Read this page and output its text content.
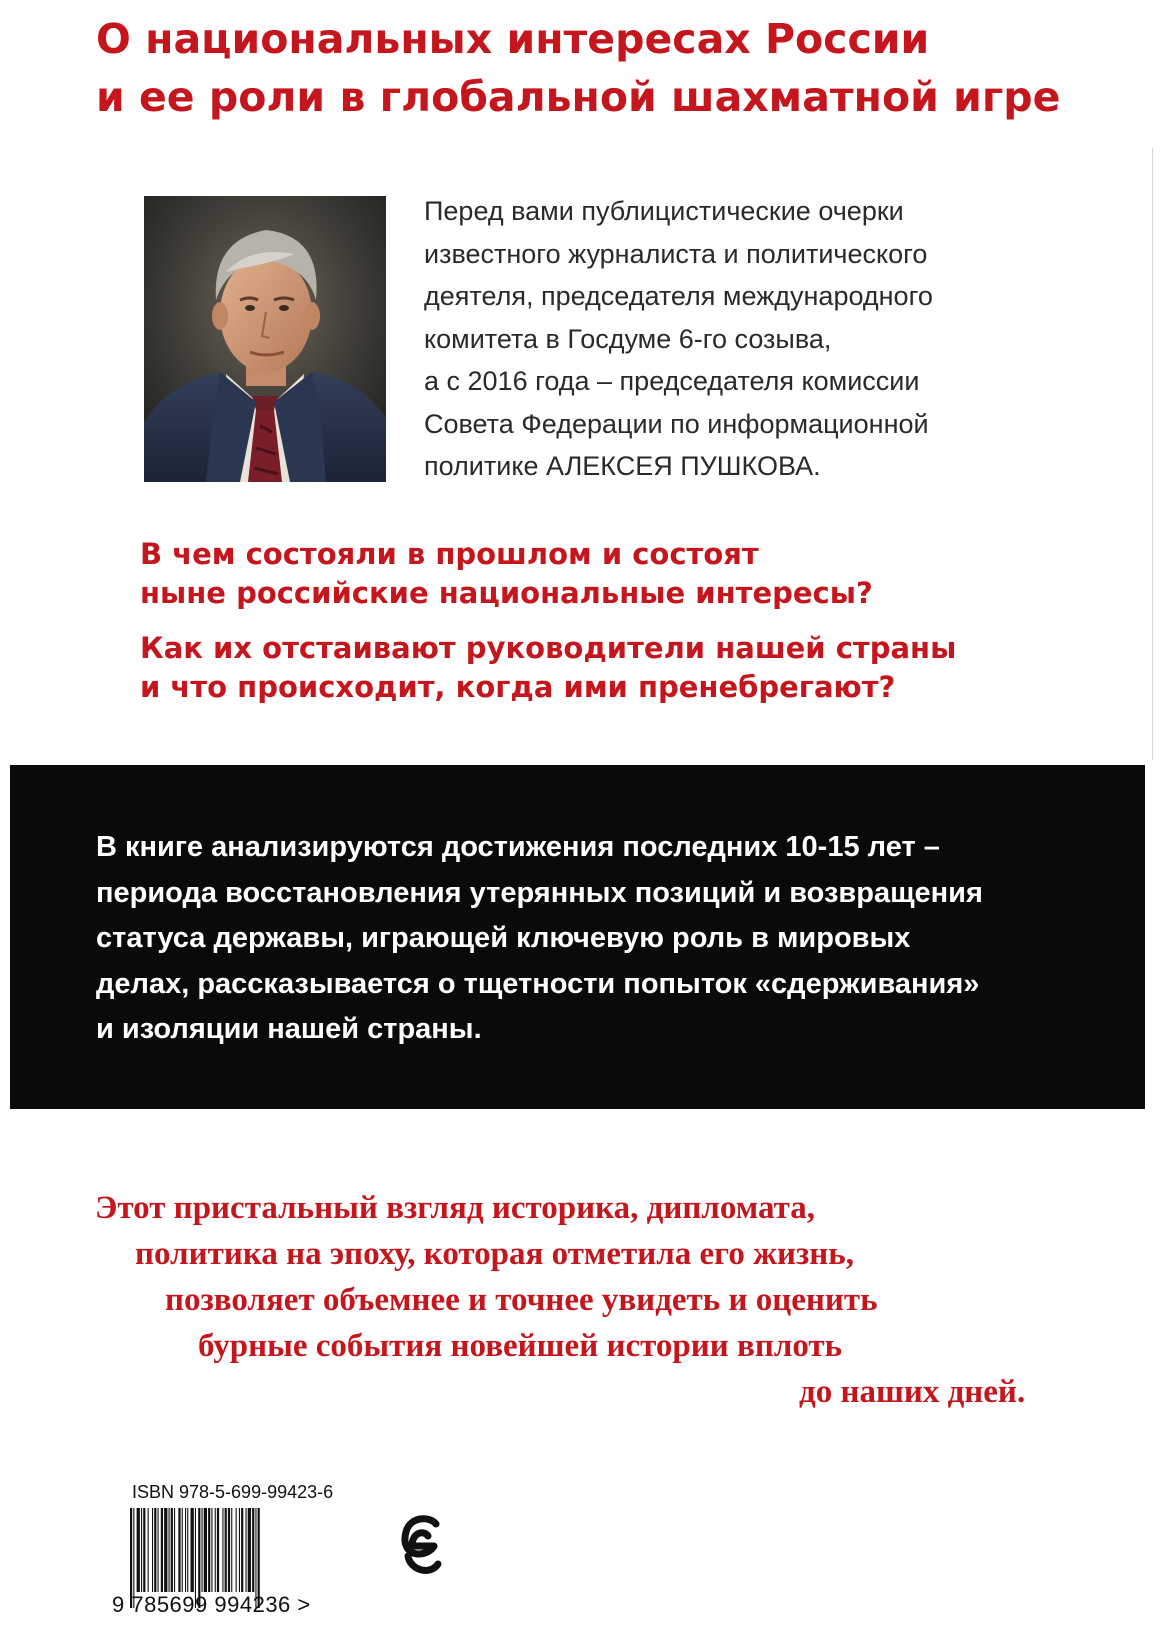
О национальных интересах России
и ее роли в глобальной шахматной игре

Перед вами публицистические очерки
известного журналиста и политического
деятеля, председателя международного
комитета в Госдуме 6-го созыва,
а с 2016 года – председателя комиссии
Совета Федерации по информационной
политике АЛЕКСЕЯ ПУШКОВА.

В чем состояли в прошлом и состоят
ныне российские национальные интересы?

Как их отстаивают руководители нашей страны
и что происходит, когда ими пренебрегают?

В книге анализируются достижения последних 10-15 лет –
периода восстановления утерянных позиций и возвращения
статуса державы, играющей ключевую роль в мировых
делах, рассказывается о тщетности попыток «сдерживания»
и изоляции нашей страны.

Этот пристальный взгляд историка, дипломата,
политика на эпоху, которая отметила его жизнь,
позволяет объемнее и точнее увидеть и оценить
бурные события новейшей истории вплоть
до наших дней.
ISBN 978-5-699-99423-6
9 785699 994236 >
